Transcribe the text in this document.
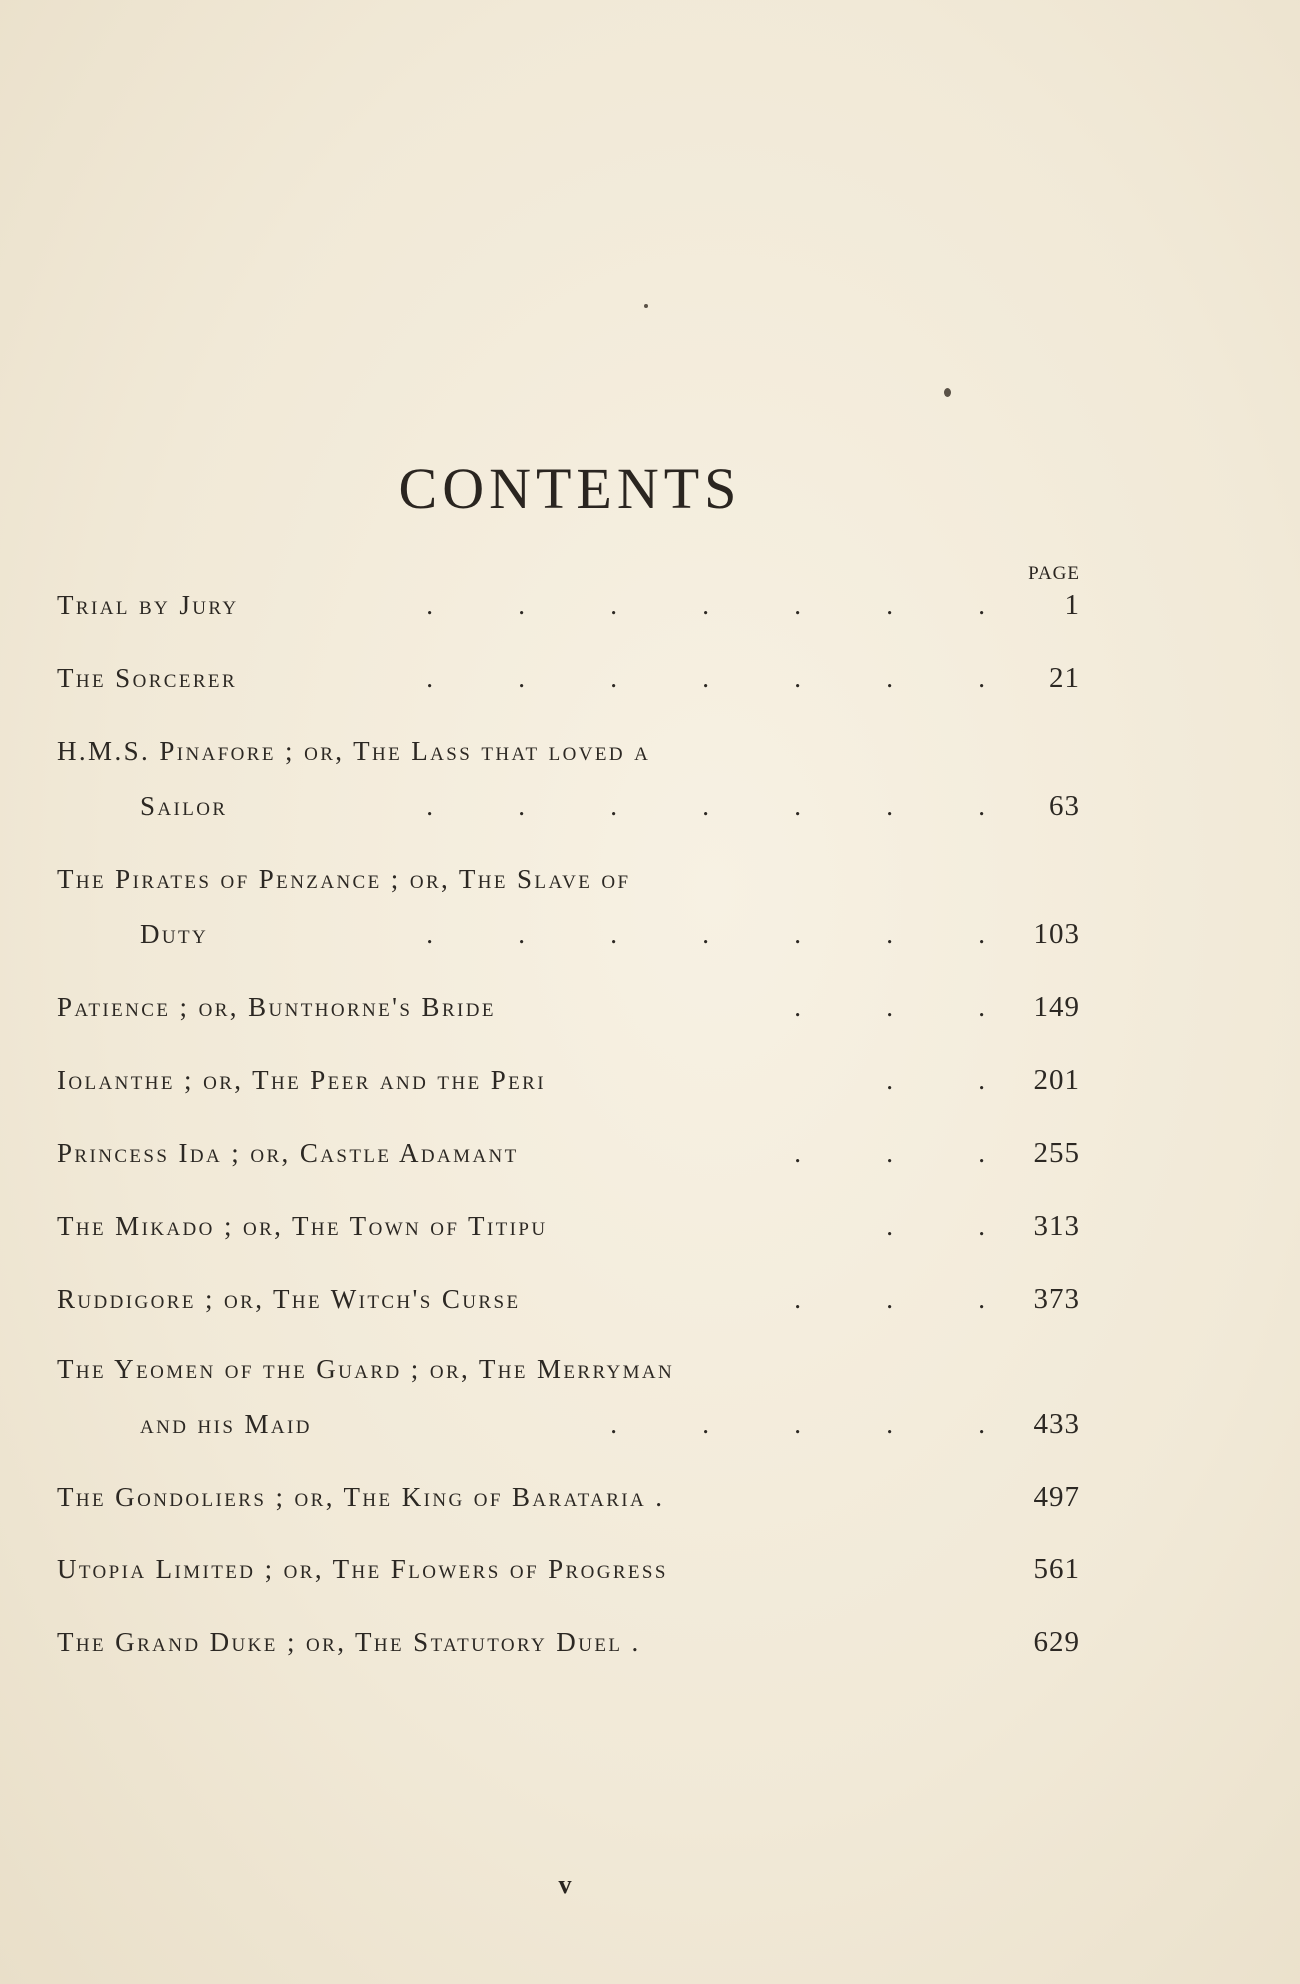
CONTENTS
PAGE
Trial by Jury	.	.	.	.	.	.	.	1
The Sorcerer	.	.	.	.	.	.	. 21
H.M.S. Pinafore ; or, The Lass that loved a
Sailor	.	.	.	.	.	.	. 63
The Pirates of Penzance ; or, The Slave of
Duty	.	.	.	.	.	.	. 103
Patience ; or, Bunthorne's Bride	.	.	. 149
Iolanthe ; or, The Peer and the Peri	.	. 201
Princess Ida ; or, Castle Adamant	.	.	. 255
The Mikado ; or, The Town of Titipu	.	. 313
Ruddigore ; or, The Witch's Curse	.	.	. 373
The Yeomen of the Guard ; or, The Merryman
and his Maid	.	.	.	.	. 433
The Gondoliers ; or, The King of Barataria .	497
Utopia Limited ; or, The Flowers of Progress	561
The Grand Duke ; or, The Statutory Duel .	629
v
